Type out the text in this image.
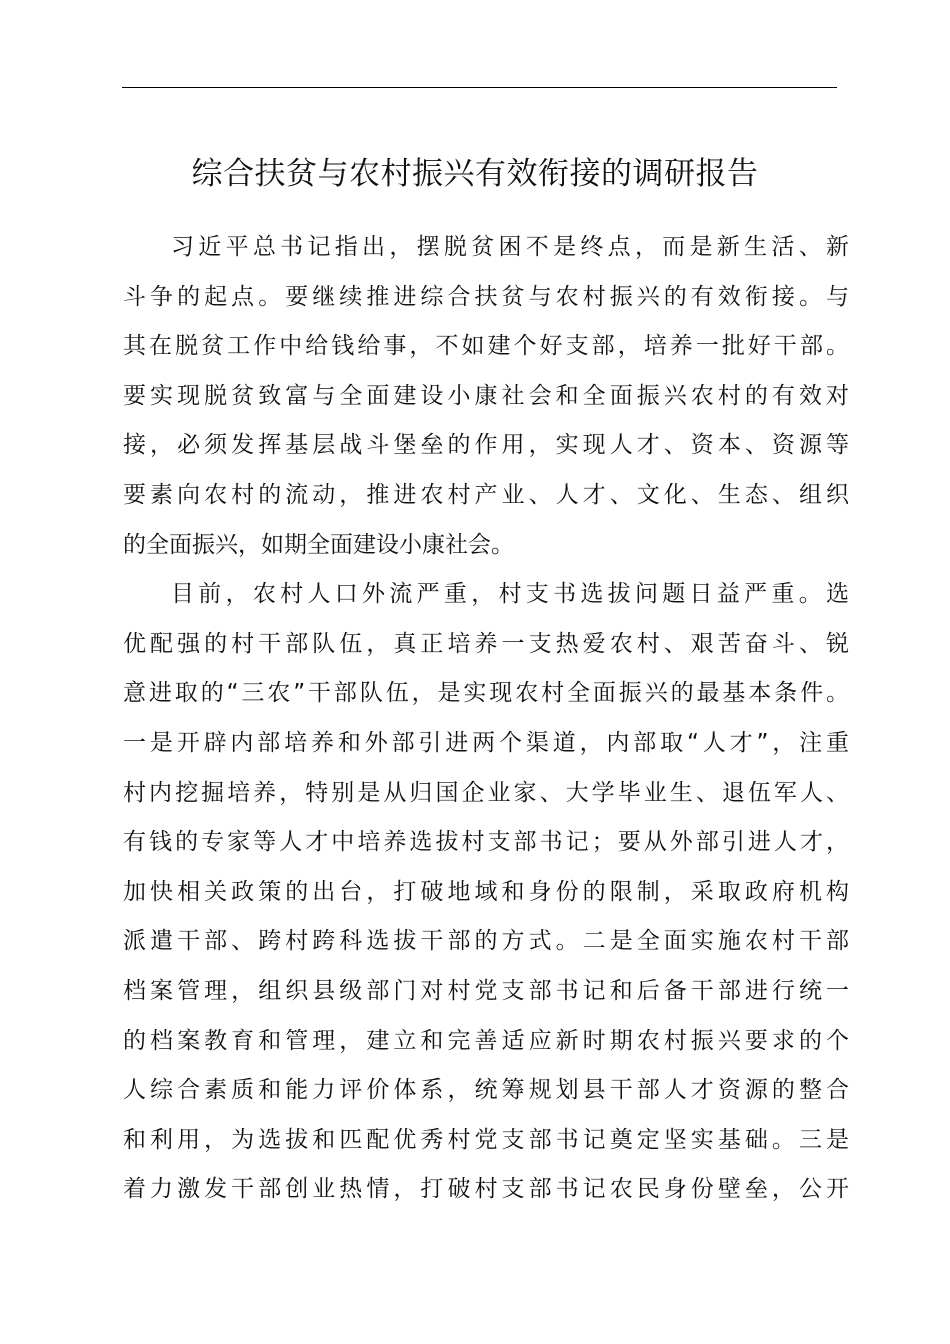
综合扶贫与农村振兴有效衔接的调研报告
习近平总书记指出，摆脱贫困不是终点，而是新生活、新
斗争的起点。要继续推进综合扶贫与农村振兴的有效衔接。与
其在脱贫工作中给钱给事，不如建个好支部，培养一批好干部。
要实现脱贫致富与全面建设小康社会和全面振兴农村的有效对
接，必须发挥基层战斗堡垒的作用，实现人才、资本、资源等
要素向农村的流动，推进农村产业、人才、文化、生态、组织
的全面振兴，如期全面建设小康社会。
目前，农村人口外流严重，村支书选拔问题日益严重。选
优配强的村干部队伍，真正培养一支热爱农村、艰苦奋斗、锐
意进取的“三农”干部队伍，是实现农村全面振兴的最基本条件。
一是开辟内部培养和外部引进两个渠道，内部取“人才”，注重
村内挖掘培养，特别是从归国企业家、大学毕业生、退伍军人、
有钱的专家等人才中培养选拔村支部书记；要从外部引进人才，
加快相关政策的出台，打破地域和身份的限制，采取政府机构
派遣干部、跨村跨科选拔干部的方式。二是全面实施农村干部
档案管理，组织县级部门对村党支部书记和后备干部进行统一
的档案教育和管理，建立和完善适应新时期农村振兴要求的个
人综合素质和能力评价体系，统筹规划县干部人才资源的整合
和利用，为选拔和匹配优秀村党支部书记奠定坚实基础。三是
着力激发干部创业热情，打破村支部书记农民身份壁垒，公开
